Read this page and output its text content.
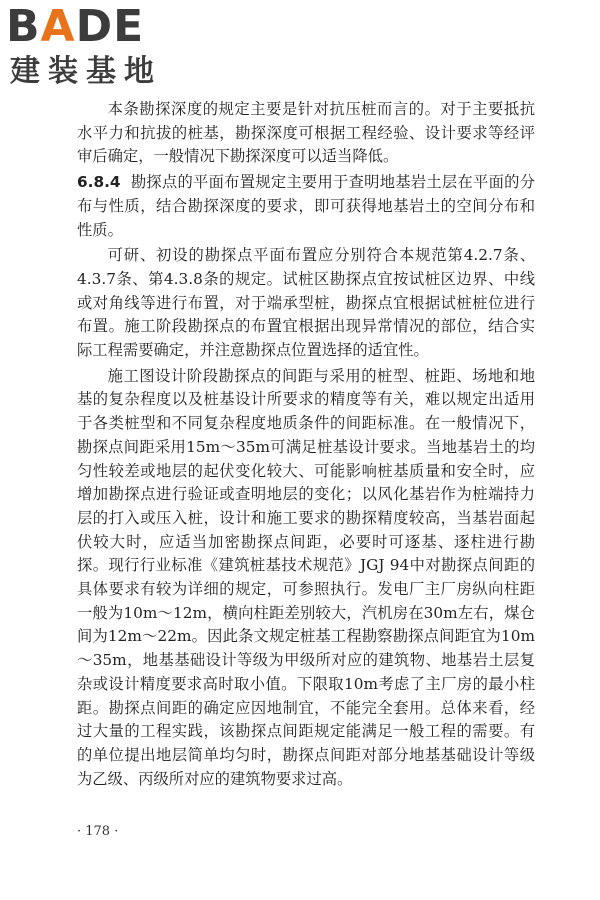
BADE
建装基地

本条勘探深度的规定主要是针对抗压桩而言的。对于主要抵抗水平力和抗拔的桩基，勘探深度可根据工程经验、设计要求等经评审后确定，一般情况下勘探深度可以适当降低。

6.8.4 勘探点的平面布置规定主要用于查明地基岩土层在平面的分布与性质，结合勘探深度的要求，即可获得地基岩土的空间分布和性质。

可研、初设的勘探点平面布置应分别符合本规范第4.2.7条、4.3.7条、第4.3.8条的规定。试桩区勘探点宜按试桩区边界、中线或对角线等进行布置，对于端承型桩，勘探点宜根据试桩桩位进行布置。施工阶段勘探点的布置宜根据出现异常情况的部位，结合实际工程需要确定，并注意勘探点位置选择的适宜性。

施工图设计阶段勘探点的间距与采用的桩型、桩距、场地和地基的复杂程度以及桩基设计所要求的精度等有关，难以规定出适用于各类桩型和不同复杂程度地质条件的间距标准。在一般情况下，勘探点间距采用15m～35m可满足桩基设计要求。当地基岩土的均匀性较差或地层的起伏变化较大、可能影响桩基质量和安全时，应增加勘探点进行验证或查明地层的变化；以风化基岩作为桩端持力层的打入或压入桩，设计和施工要求的勘探精度较高，当基岩面起伏较大时，应适当加密勘探点间距，必要时可逐基、逐柱进行勘探。现行行业标准《建筑桩基技术规范》JGJ 94中对勘探点间距的具体要求有较为详细的规定，可参照执行。发电厂主厂房纵向柱距一般为10m～12m，横向柱距差别较大，汽机房在30m左右，煤仓间为12m～22m。因此条文规定桩基工程勘察勘探点间距宜为10m～35m，地基基础设计等级为甲级所对应的建筑物、地基岩土层复杂或设计精度要求高时取小值。下限取10m考虑了主厂房的最小柱距。勘探点间距的确定应因地制宜，不能完全套用。总体来看，经过大量的工程实践，该勘探点间距规定能满足一般工程的需要。有的单位提出地层简单均匀时，勘探点间距对部分地基基础设计等级为乙级、丙级所对应的建筑物要求过高。

· 178 ·
